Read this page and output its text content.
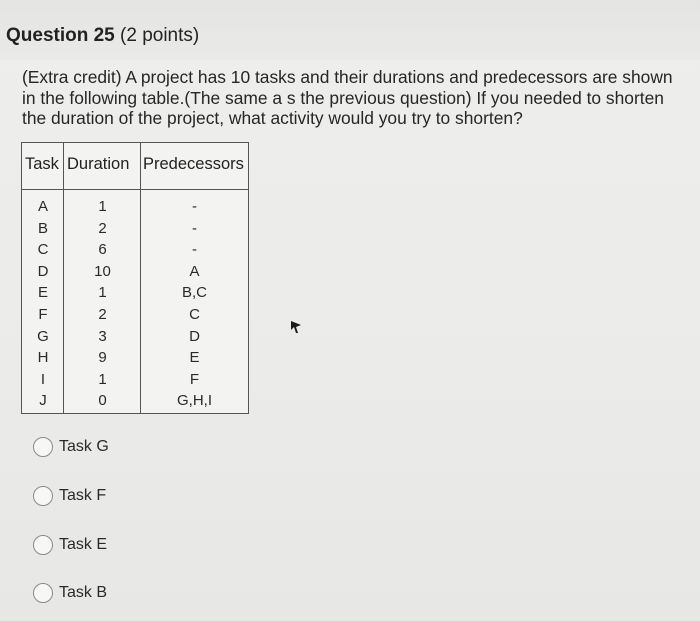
Question 25 (2 points)
(Extra credit) A project has 10 tasks and their durations and predecessors are shown
in the following table.(The same a s the previous question) If you needed to shorten
the duration of the project, what activity would you try to shorten?
Task Duration Predecessors
A	1	-
B	2	-
C	6	-
D	10	A
E	1	B,C
F	2	C
G	3	D
H	9	E
I	1	F
J	0	G,H,I
Task G
Task F
Task E
Task B
